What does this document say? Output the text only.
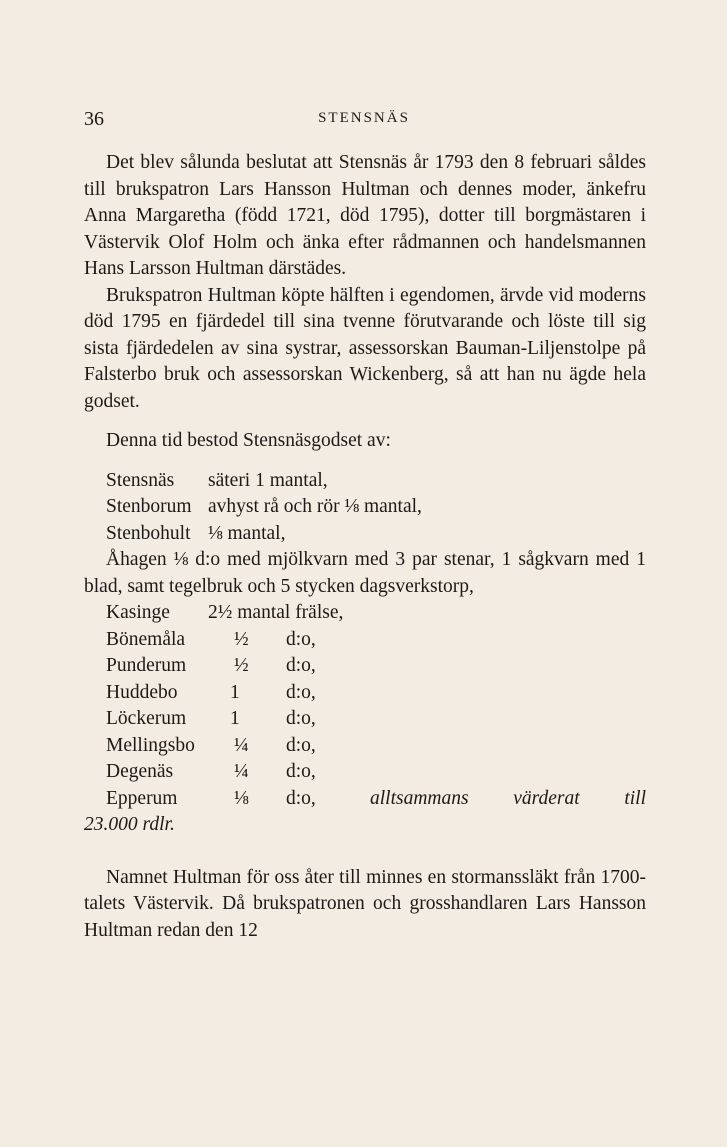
36	STENSNÄS

Det blev sålunda beslutat att Stensnäs år 1793 den 8 februari såldes till brukspatron Lars Hansson Hultman och dennes moder, änkefru Anna Margaretha (född 1721, död 1795), dotter till borgmästaren i Västervik Olof Holm och änka efter rådmannen och handelsmannen Hans Larsson Hultman därstädes.

Brukspatron Hultman köpte hälften i egendomen, ärvde vid moderns död 1795 en fjärdedel till sina tvenne förutvarande och löste till sig sista fjärdedelen av sina systrar, assessorskan Bauman-Liljenstolpe på Falsterbo bruk och assessorskan Wickenberg, så att han nu ägde hela godset.

Denna tid bestod Stensnäsgodset av:

Stensnäs säteri 1 mantal,
Stenborum avhyst rå och rör ⅛ mantal,
Stenbohult ⅛ mantal,

Åhagen ⅛ d:o med mjölkvarn med 3 par stenar, 1 sågkvarn med 1 blad, samt tegelbruk och 5 stycken dagsverkstorp,

Kasinge 2½ mantal frälse,
Bönemåla	½ d:o,
Punderum ½ d:o,
Huddebo	1 d:o,
Löckerum 1 d:o,
Mellingsbo ¼ d:o,
Degenäs	¼ d:o,
Epperum	⅛ d:o,	alltsammans värderat till
23.000 rdlr.

Namnet Hultman för oss åter till minnes en stormanssläkt från 1700-talets Västervik. Då brukspatronen och grosshandlaren Lars Hansson Hultman redan den 12
